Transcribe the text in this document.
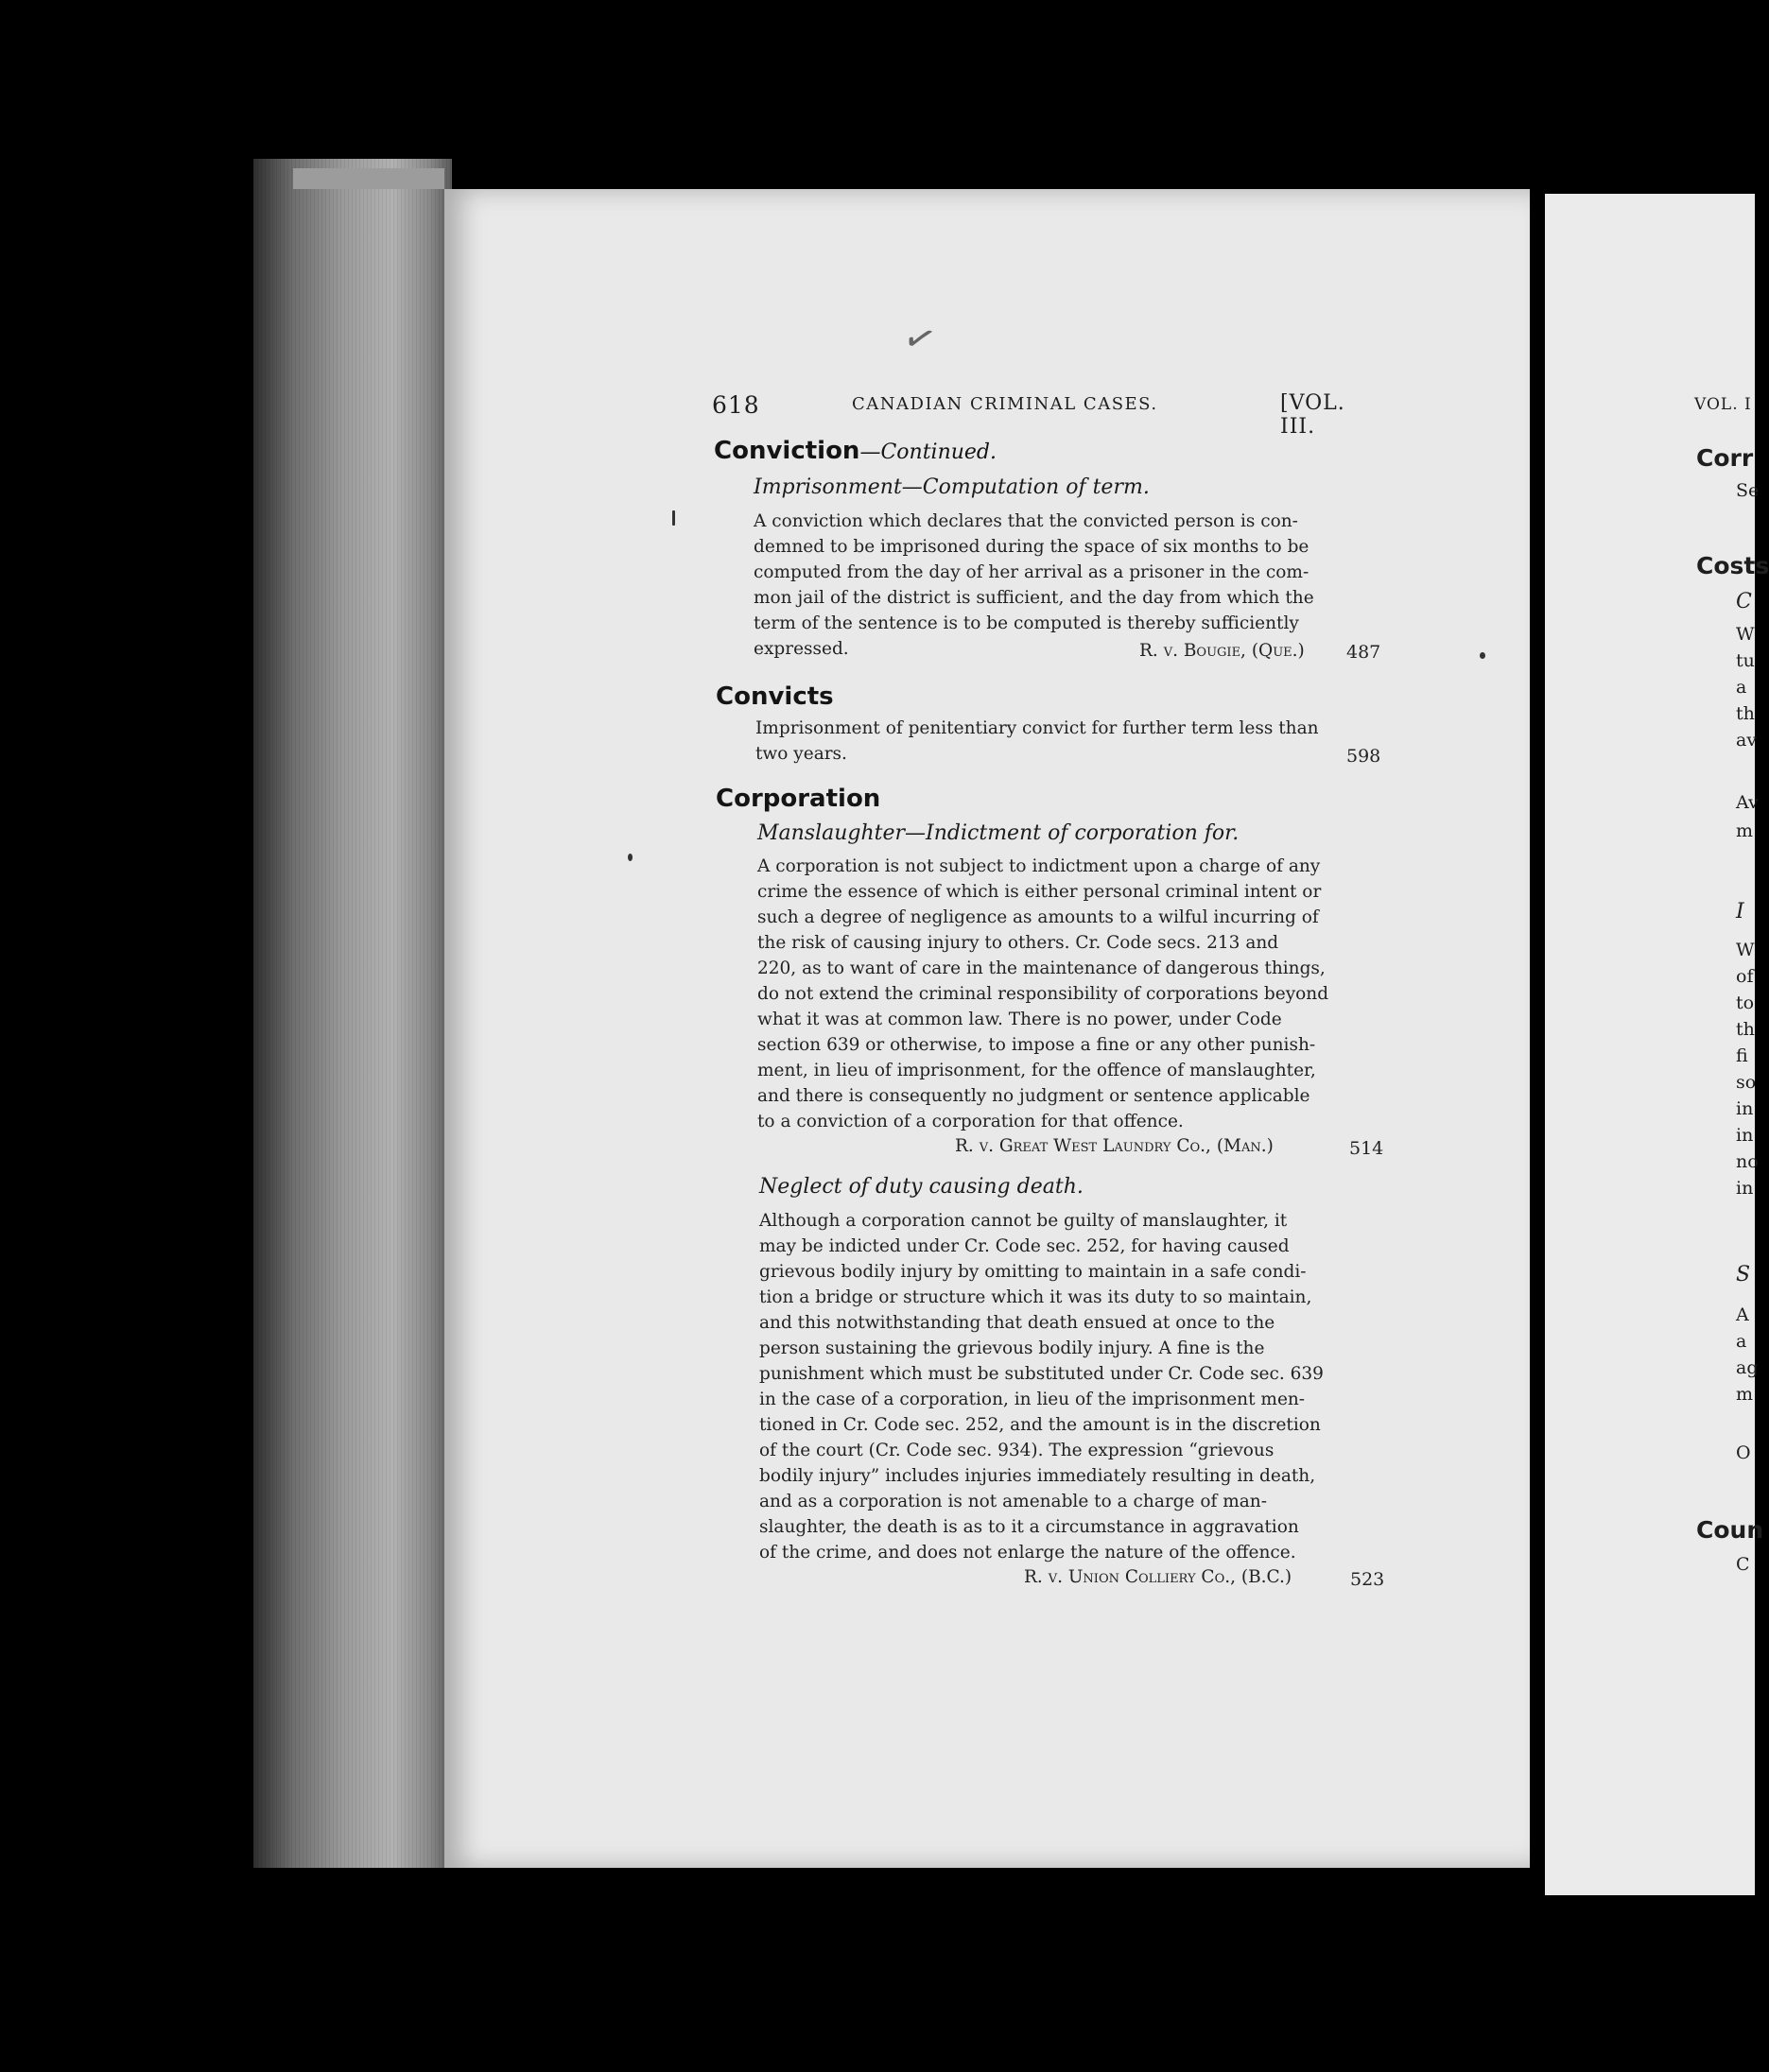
✓
618	CANADIAN CRIMINAL CASES.	[VOL. III.
Conviction—Continued.
Imprisonment—Computation of term.
A conviction which declares that the convicted person is con-
demned to be imprisoned during the space of six months to be
computed from the day of her arrival as a prisoner in the com-
mon jail of the district is sufficient, and the day from which the
term of the sentence is to be computed is thereby sufficiently
expressed.	R. v. Bougie, (Que.) 487
Convicts
Imprisonment of penitentiary convict for further term less than
two years.	598
Corporation
Manslaughter—Indictment of corporation for.
A corporation is not subject to indictment upon a charge of any
crime the essence of which is either personal criminal intent or
such a degree of negligence as amounts to a wilful incurring of
the risk of causing injury to others. Cr. Code secs. 213 and
220, as to want of care in the maintenance of dangerous things,
do not extend the criminal responsibility of corporations beyond
what it was at common law. There is no power, under Code
section 639 or otherwise, to impose a fine or any other punish-
ment, in lieu of imprisonment, for the offence of manslaughter,
and there is consequently no judgment or sentence applicable
to a conviction of a corporation for that offence.
R. v. Great West Laundry Co., (Man.)	514
Neglect of duty causing death.
Although a corporation cannot be guilty of manslaughter, it
may be indicted under Cr. Code sec. 252, for having caused
grievous bodily injury by omitting to maintain in a safe condi-
tion a bridge or structure which it was its duty to so maintain,
and this notwithstanding that death ensued at once to the
person sustaining the grievous bodily injury. A fine is the
punishment which must be substituted under Cr. Code sec. 639
in the case of a corporation, in lieu of the imprisonment men-
tioned in Cr. Code sec. 252, and the amount is in the discretion
of the court (Cr. Code sec. 934). The expression “grievous
bodily injury” includes injuries immediately resulting in death,
and as a corporation is not amenable to a charge of man-
slaughter, the death is as to it a circumstance in aggravation
of the crime, and does not enlarge the nature of the offence.
R. v. Union Colliery Co., (B.C.)	523
VOL. I
Corr
Se
Costs
C
W
tu
a
th
av
Av
m
I
W
of
to
th
fi
so
in
in
no
in
S
A
a
ag
m
O
Coun
C
